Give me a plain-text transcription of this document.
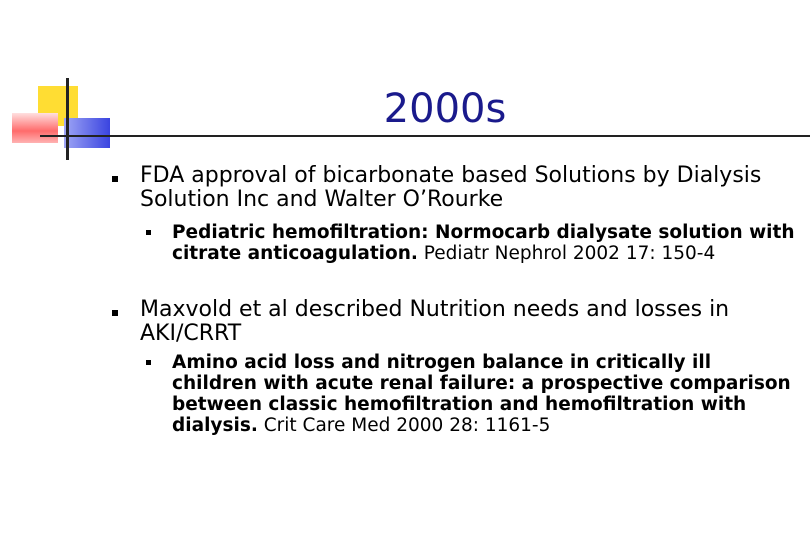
2000s
FDA approval of bicarbonate based Solutions by Dialysis Solution Inc and Walter O’Rourke
Pediatric hemofiltration: Normocarb dialysate solution with citrate anticoagulation. Pediatr Nephrol 2002 17: 150-4
Maxvold et al described Nutrition needs and losses in AKI/CRRT
Amino acid loss and nitrogen balance in critically ill children with acute renal failure: a prospective comparison between classic hemofiltration and hemofiltration with dialysis. Crit Care Med 2000 28: 1161-5
